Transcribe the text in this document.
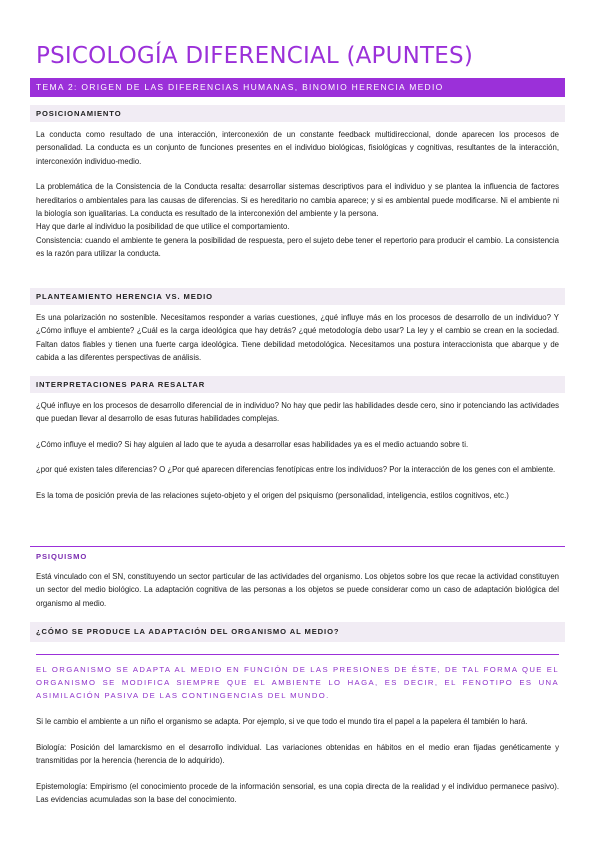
PSICOLOGÍA DIFERENCIAL (APUNTES)
TEMA 2: ORIGEN DE LAS DIFERENCIAS HUMANAS, BINOMIO HERENCIA MEDIO
POSICIONAMIENTO

La conducta como resultado de una interacción, interconexión de un constante feedback multidireccional, donde aparecen los procesos de personalidad. La conducta es un conjunto de funciones presentes en el individuo biológicas, fisiológicas y cognitivas, resultantes de la interacción, interconexión individuo-medio.

La problemática de la Consistencia de la Conducta resalta: desarrollar sistemas descriptivos para el individuo y se plantea la influencia de factores hereditarios o ambientales para las causas de diferencias. Si es hereditario no cambia aparece; y si es ambiental puede modificarse. Ni el ambiente ni la biología son igualitarias. La conducta es resultado de la interconexión del ambiente y la persona.

Hay que darle al individuo la posibilidad de que utilice el comportamiento.

Consistencia: cuando el ambiente te genera la posibilidad de respuesta, pero el sujeto debe tener el repertorio para producir el cambio. La consistencia es la razón para utilizar la conducta.

PLANTEAMIENTO HERENCIA VS. MEDIO

Es una polarización no sostenible. Necesitamos responder a varias cuestiones, ¿qué influye más en los procesos de desarrollo de un individuo? Y ¿Cómo influye el ambiente? ¿Cuál es la carga ideológica que hay detrás? ¿qué metodología debo usar? La ley y el cambio se crean en la sociedad. Faltan datos fiables y tienen una fuerte carga ideológica. Tiene debilidad metodológica. Necesitamos una postura interaccionista que abarque y de cabida a las diferentes perspectivas de análisis.

INTERPRETACIONES PARA RESALTAR

¿Qué influye en los procesos de desarrollo diferencial de in individuo? No hay que pedir las habilidades desde cero, sino ir potenciando las actividades que puedan llevar al desarrollo de esas futuras habilidades complejas.

¿Cómo influye el medio? Si hay alguien al lado que te ayuda a desarrollar esas habilidades ya es el medio actuando sobre ti.

¿por qué existen tales diferencias? O ¿Por qué aparecen diferencias fenotípicas entre los individuos? Por la interacción de los genes con el ambiente.

Es la toma de posición previa de las relaciones sujeto-objeto y el origen del psiquismo (personalidad, inteligencia, estilos cognitivos, etc.)

PSIQUISMO

Está vinculado con el SN, constituyendo un sector particular de las actividades del organismo. Los objetos sobre los que recae la actividad constituyen un sector del medio biológico. La adaptación cognitiva de las personas a los objetos se puede considerar como un caso de adaptación biológica del organismo al medio.

¿CÓMO SE PRODUCE LA ADAPTACIÓN DEL ORGANISMO AL MEDIO?

EL ORGANISMO SE ADAPTA AL MEDIO EN FUNCIÓN DE LAS PRESIONES DE ÉSTE, DE TAL FORMA QUE EL ORGANISMO SE MODIFICA SIEMPRE QUE EL AMBIENTE LO HAGA, ES DECIR, EL FENOTIPO ES UNA ASIMILACIÓN PASIVA DE LAS CONTINGENCIAS DEL MUNDO.

Si le cambio el ambiente a un niño el organismo se adapta. Por ejemplo, si ve que todo el mundo tira el papel a la papelera él también lo hará.

Biología: Posición del lamarckismo en el desarrollo individual. Las variaciones obtenidas en hábitos en el medio eran fijadas genéticamente y transmitidas por la herencia (herencia de lo adquirido).

Epistemología: Empirismo (el conocimiento procede de la información sensorial, es una copia directa de la realidad y el individuo permanece pasivo). Las evidencias acumuladas son la base del conocimiento.
